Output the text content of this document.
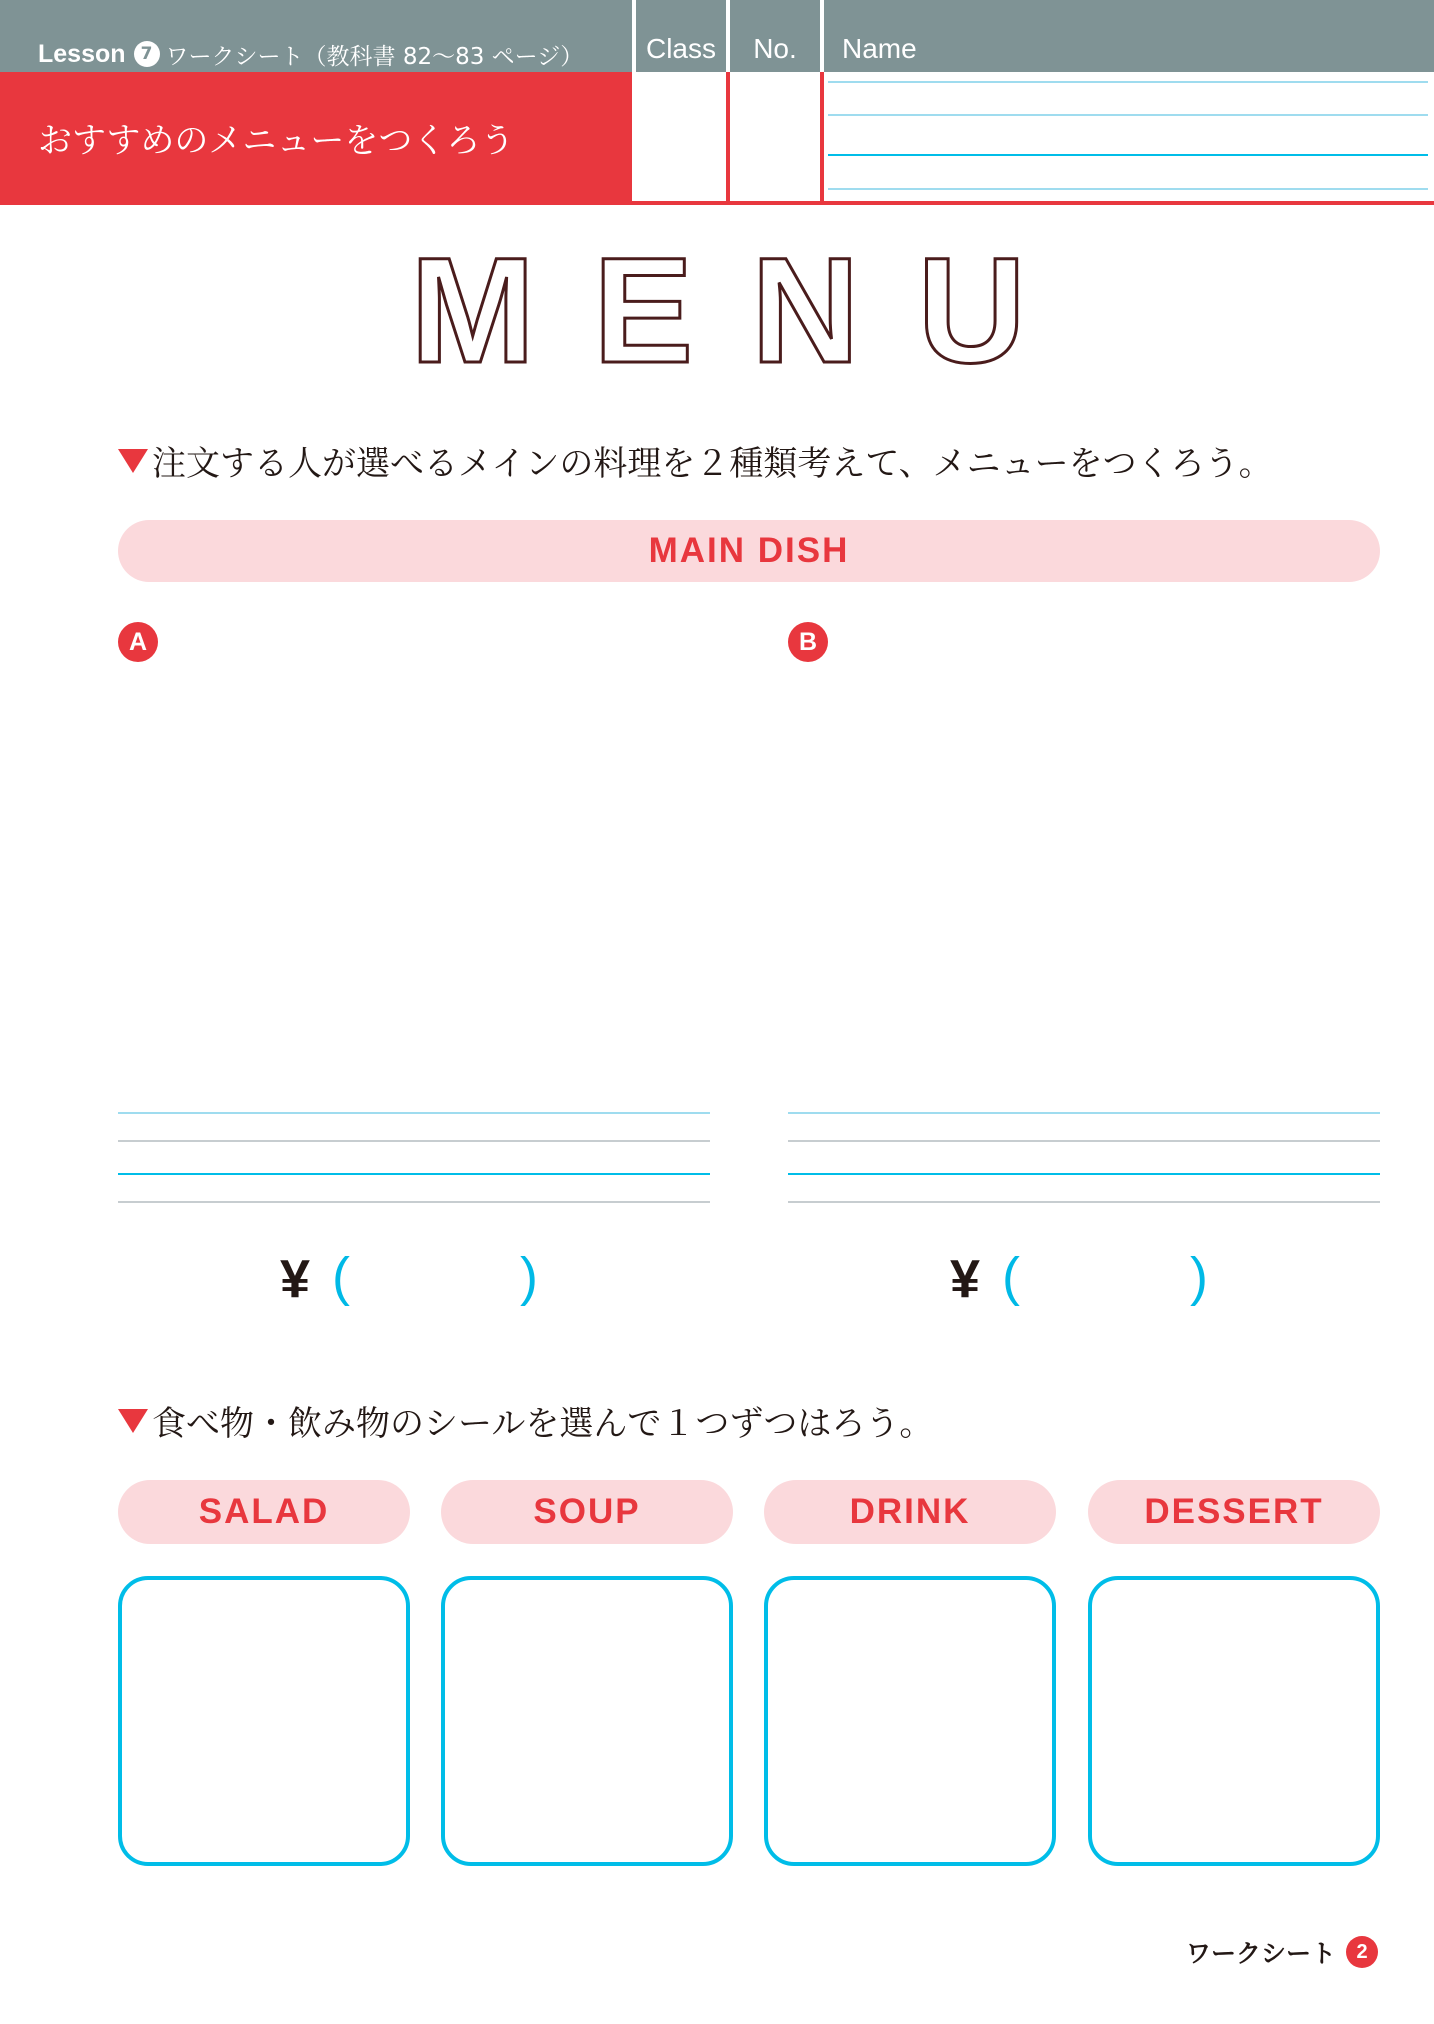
Lesson 7 ワークシート（教科書 82～83 ページ）
おすすめのメニューをつくろう
Class	No.	Name
MENU
注文する人が選べるメインの料理を２種類考えて、メニューをつくろう。
MAIN DISH
A
¥ (	)
B
¥ (	)
食べ物・飲み物のシールを選んで１つずつはろう。
SALAD	SOUP	DRINK	DESSERT
ワークシート	2
